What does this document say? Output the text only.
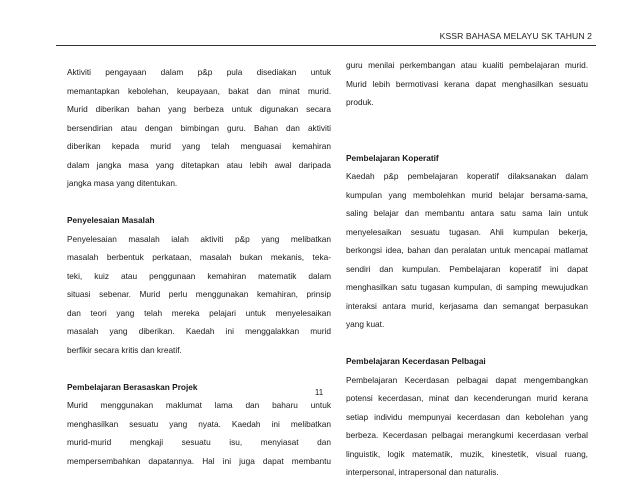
KSSR BAHASA MELAYU SK TAHUN 2

Aktiviti pengayaan dalam p&p pula disediakan untuk
memantapkan kebolehan, keupayaan, bakat dan minat murid.
Murid diberikan bahan yang berbeza untuk digunakan secara
bersendirian atau dengan bimbingan guru. Bahan dan aktiviti
diberikan kepada murid yang telah menguasai kemahiran
dalam jangka masa yang ditetapkan atau lebih awal daripada
jangka masa yang ditentukan.

Penyelesaian Masalah

Penyelesaian masalah ialah aktiviti p&p yang melibatkan
masalah berbentuk perkataan, masalah bukan mekanis, teka-
teki, kuiz atau penggunaan kemahiran matematik dalam
situasi sebenar. Murid perlu menggunakan kemahiran, prinsip
dan teori yang telah mereka pelajari untuk menyelesaikan
masalah yang diberikan. Kaedah ini menggalakkan murid
berfikir secara kritis dan kreatif.

Pembelajaran Berasaskan Projek

Murid menggunakan maklumat lama dan baharu untuk
menghasilkan sesuatu yang nyata. Kaedah ini melibatkan
murid-murid mengkaji sesuatu isu, menyiasat dan
mempersembahkan dapatannya. Hal ini juga dapat membantu

guru menilai perkembangan atau kualiti pembelajaran murid.
Murid lebih bermotivasi kerana dapat menghasilkan sesuatu
produk.

Pembelajaran Koperatif

Kaedah p&p pembelajaran koperatif dilaksanakan dalam
kumpulan yang membolehkan murid belajar bersama-sama,
saling belajar dan membantu antara satu sama lain untuk
menyelesaikan sesuatu tugasan. Ahli kumpulan bekerja,
berkongsi idea, bahan dan peralatan untuk mencapai matlamat
sendiri dan kumpulan. Pembelajaran koperatif ini dapat
menghasilkan satu tugasan kumpulan, di samping mewujudkan
interaksi antara murid, kerjasama dan semangat berpasukan
yang kuat.

Pembelajaran Kecerdasan Pelbagai

Pembelajaran Kecerdasan pelbagai dapat mengembangkan
potensi kecerdasan, minat dan kecenderungan murid kerana
setiap individu mempunyai kecerdasan dan kebolehan yang
berbeza. Kecerdasan pelbagai merangkumi kecerdasan verbal
linguistik, logik matematik, muzik, kinestetik, visual ruang,
interpersonal, intrapersonal dan naturalis.

11
